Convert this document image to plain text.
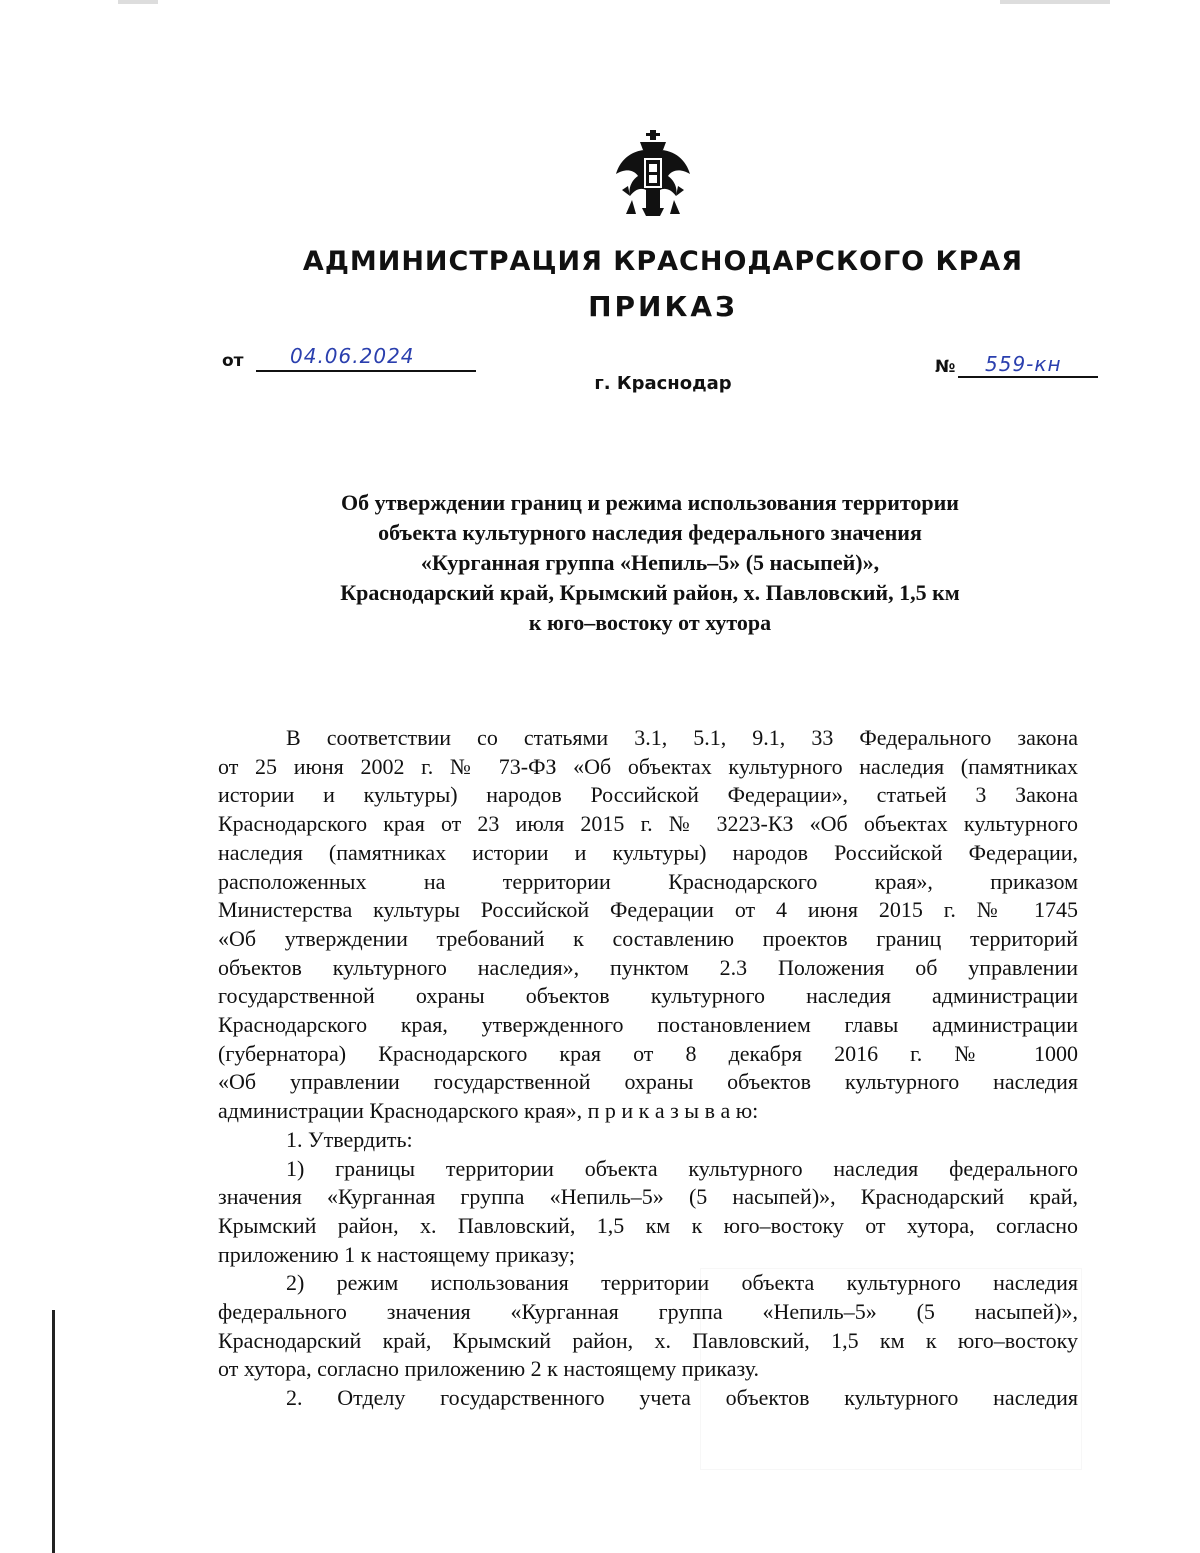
АДМИНИСТРАЦИЯ КРАСНОДАРСКОГО КРАЯ
ПРИКАЗ
от 04.06.2024	№ 559-кн
г. Краснодар
Об утверждении границ и режима использования территории
объекта культурного наследия федерального значения
«Курганная группа «Непиль–5» (5 насыпей)»,
Краснодарский край, Крымский район, х. Павловский, 1,5 км
к юго–востоку от хутора
В соответствии со статьями 3.1, 5.1, 9.1, 33 Федерального закона
от 25 июня 2002 г. № 73-ФЗ «Об объектах культурного наследия (памятниках
истории и культуры) народов Российской Федерации», статьей 3 Закона
Краснодарского края от 23 июля 2015 г. № 3223-КЗ «Об объектах культурного
наследия (памятниках истории и культуры) народов Российской Федерации,
расположенных на территории Краснодарского края», приказом
Министерства культуры Российской Федерации от 4 июня 2015 г. № 1745
«Об утверждении требований к составлению проектов границ территорий
объектов культурного наследия», пунктом 2.3 Положения об управлении
государственной охраны объектов культурного наследия администрации
Краснодарского края, утвержденного постановлением главы администрации
(губернатора) Краснодарского края от 8 декабря 2016 г. № 1000
«Об управлении государственной охраны объектов культурного наследия
администрации Краснодарского края», п р и к а з ы в а ю:
1. Утвердить:
1) границы территории объекта культурного наследия федерального
значения «Курганная группа «Непиль–5» (5 насыпей)», Краснодарский край,
Крымский район, х. Павловский, 1,5 км к юго–востоку от хутора, согласно
приложению 1 к настоящему приказу;
2) режим использования территории объекта культурного наследия
федерального значения «Курганная группа «Непиль–5» (5 насыпей)»,
Краснодарский край, Крымский район, х. Павловский, 1,5 км к юго–востоку
от хутора, согласно приложению 2 к настоящему приказу.
2. Отделу государственного учета объектов культурного наследия
